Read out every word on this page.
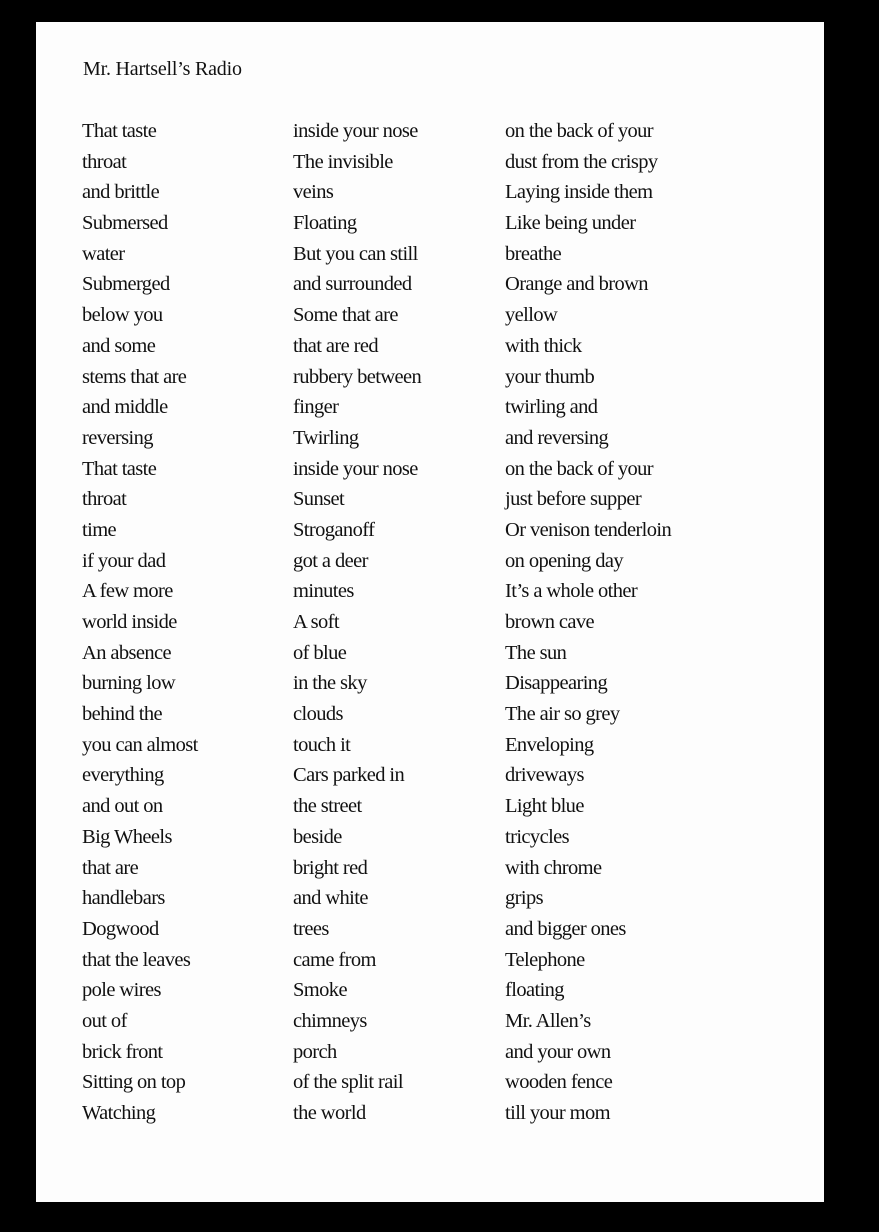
Mr. Hartsell’s Radio
That taste
throat
and brittle
Submersed
water
Submerged
below you
and some
stems that are
and middle
reversing
That taste
throat
time
if your dad
A few more
world inside
An absence
burning low
behind the
you can almost
everything
and out on
Big Wheels
that are
handlebars
Dogwood
that the leaves
pole wires
out of
brick front
Sitting on top
Watching
inside your nose
The invisible
veins
Floating
But you can still
and surrounded
Some that are
that are red
rubbery between
finger
Twirling
inside your nose
Sunset
Stroganoff
got a deer
minutes
A soft
of blue
in the sky
clouds
touch it
Cars parked in
the street
beside
bright red
and white
trees
came from
Smoke
chimneys
porch
of the split rail
the world
on the back of your
dust from the crispy
Laying inside them
Like being under
breathe
Orange and brown
yellow
with thick
your thumb
twirling and
and reversing
on the back of your
just before supper
Or venison tenderloin
on opening day
It’s a whole other
brown cave
The sun
Disappearing
The air so grey
Enveloping
driveways
Light blue
tricycles
with chrome
grips
and bigger ones
Telephone
floating
Mr. Allen’s
and your own
wooden fence
till your mom
